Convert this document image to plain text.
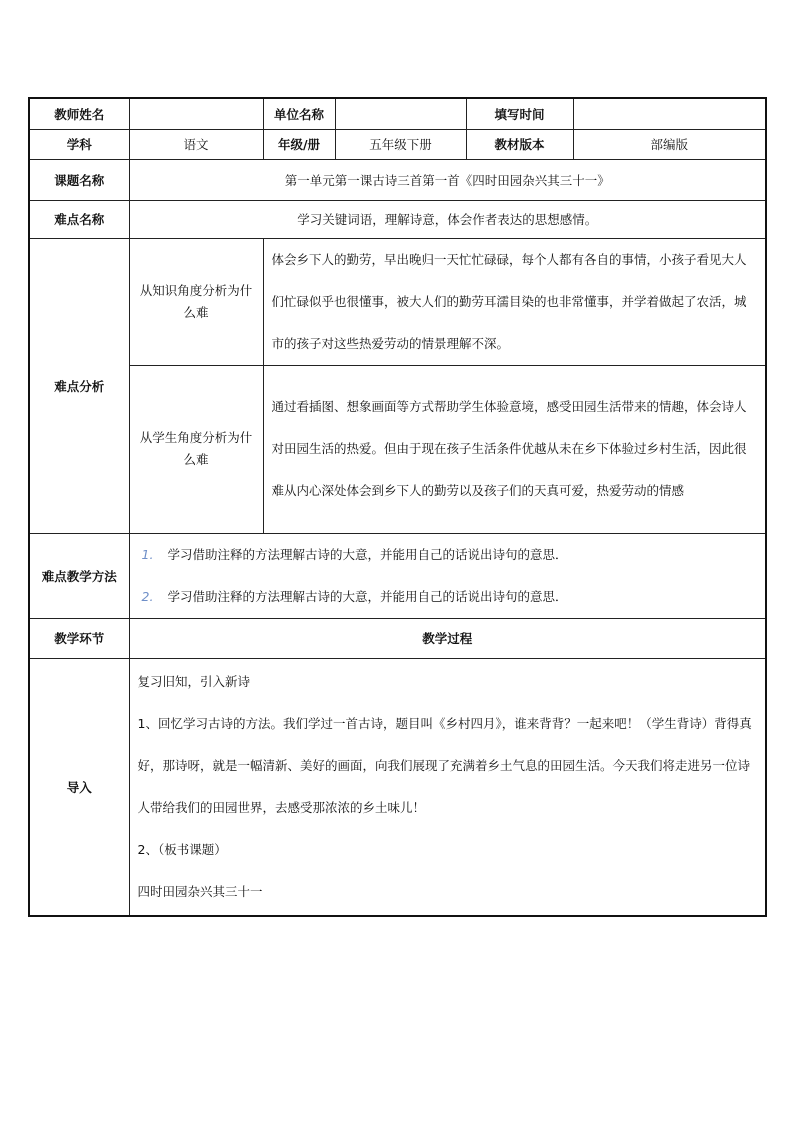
教师姓名		单位名称		填写时间	
学科	语文	年级/册	五年级下册	教材版本	部编版
课题名称	第一单元第一课古诗三首第一首《四时田园杂兴其三十一》				
难点名称	学习关键词语，理解诗意，体会作者表达的思想感情。				
难点分析	从知识角度分析为什么难	体会乡下人的勤劳，早出晚归一天忙忙碌碌，每个人都有各自的事情，小孩子看见大人们忙碌似乎也很懂事，被大人们的勤劳耳濡目染的也非常懂事，并学着做起了农活，城市的孩子对这些热爱劳动的情景理解不深。			
	从学生角度分析为什么难	通过看插图、想象画面等方式帮助学生体验意境，感受田园生活带来的情趣，体会诗人对田园生活的热爱。但由于现在孩子生活条件优越从未在乡下体验过乡村生活，因此很难从内心深处体会到乡下人的勤劳以及孩子们的天真可爱，热爱劳动的情感			
难点教学方法	1. 学习借助注释的方法理解古诗的大意，并能用自己的话说出诗句的意思．
2. 学习借助注释的方法理解古诗的大意，并能用自己的话说出诗句的意思．				

教学环节	教学过程				
导入	复习旧知，引入新诗
1、回忆学习古诗的方法。我们学过一首古诗，题目叫《乡村四月》，谁来背背？一起来吧！（学生背诗）背得真好，那诗呀，就是一幅清新、美好的画面，向我们展现了充满着乡土气息的田园生活。今天我们将走进另一位诗人带给我们的田园世界，去感受那浓浓的乡土味儿！
2、（板书课题）
四时田园杂兴其三十一				
